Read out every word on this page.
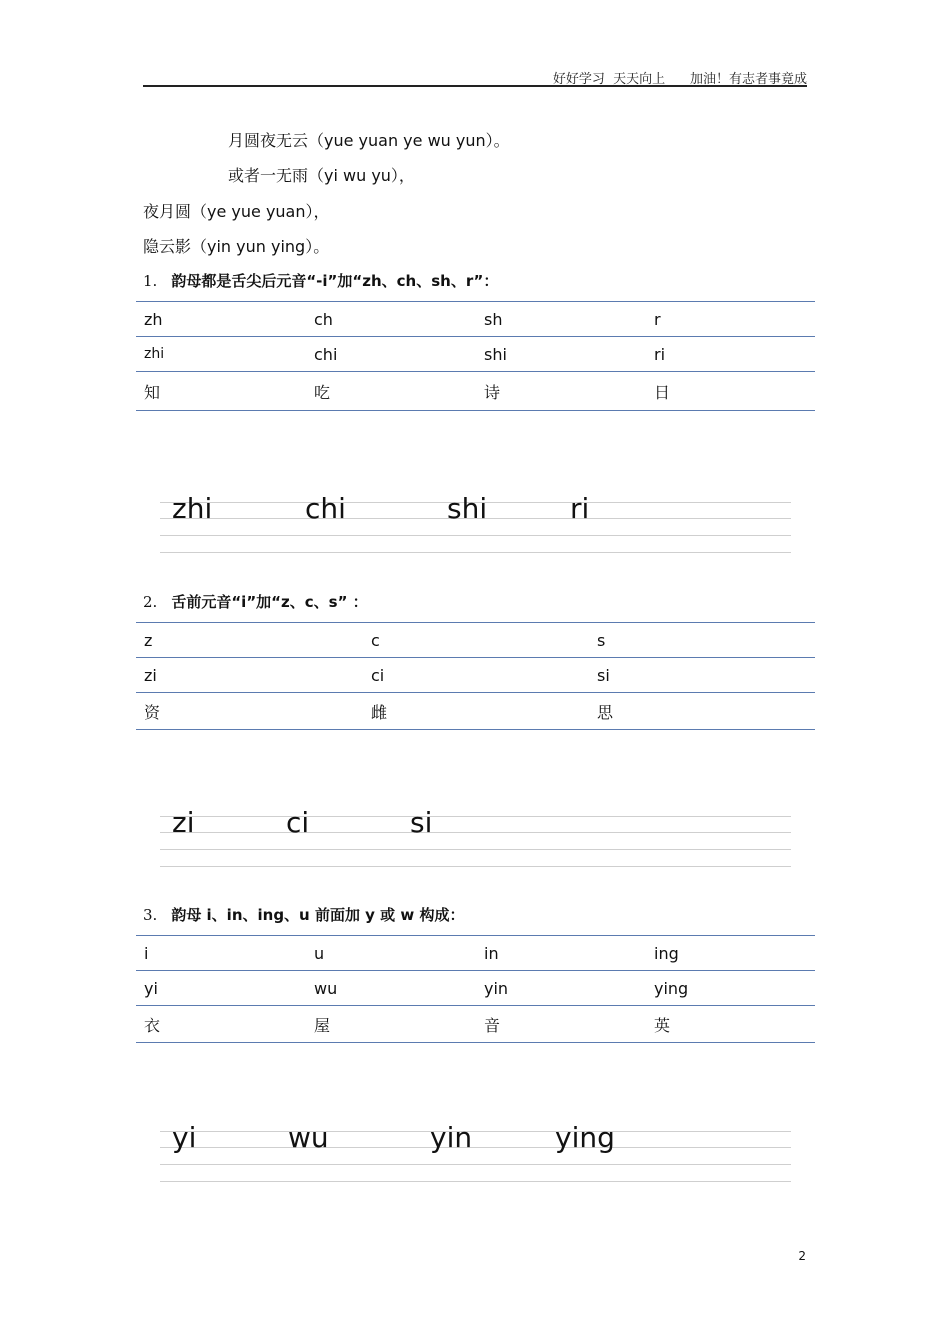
好好学习  天天向上 加油！有志者事竟成
月圆夜无云（yue yuan ye wu yun）。
或者一无雨（yi wu yu），
夜月圆（ye yue yuan），
隐云影（yin yun ying）。
1. 韵母都是舌尖后元音“-i”加“zh、ch、sh、r”：
zh	ch	sh	r
zhi	chi	shi	ri
知	吃	诗	日
zhi	chi	shi	ri
2. 舌前元音“i”加“z、c、s” ：
z	c	s
zi	ci	si
资	雌	思
zi	ci	si
3. 韵母 i、in、ing、u 前面加 y 或 w 构成：
i	u	in	ing
yi	wu	yin	ying
衣	屋	音	英
yi	wu	yin	ying
2
